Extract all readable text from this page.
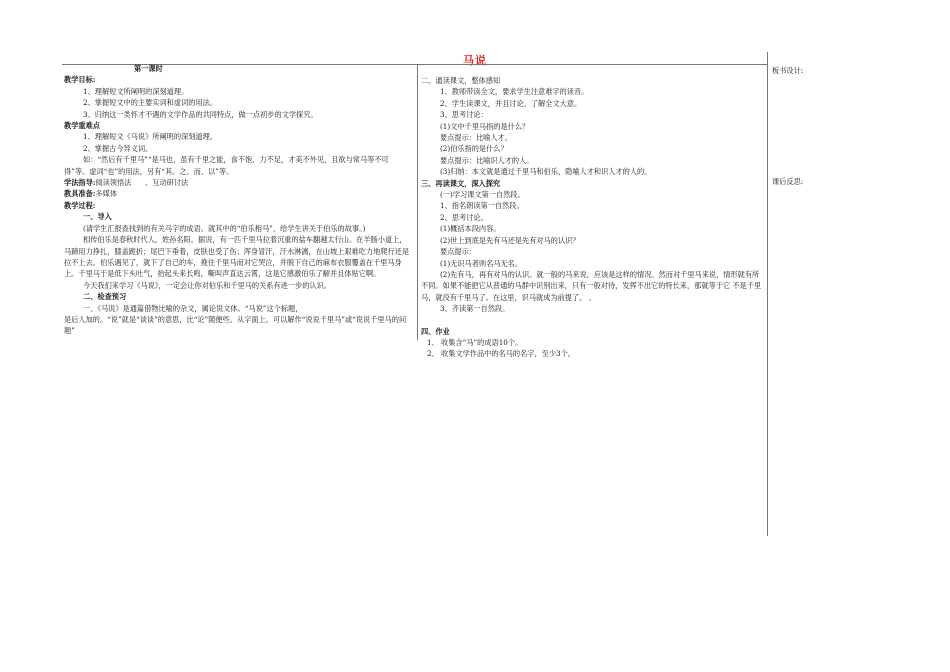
马说

第一课时

教学目标:

1、理解短文所阐明的深刻道理。

2、掌握短文中的主要实词和虚词的用法。

3、归纳这一类怀才不遇的文学作品的共同特点，做一点初步的文学探究。

教学重难点

1、理解短文《马说》所阐明的深刻道理。

2、掌握古今异义词。

如：“然后有千里马”“是马也，虽有千里之能，食不饱，力不足，才美不外见，且欲与常马等不可得”等。虚词“也”的用法，另有“其、之、而、以”等。

学法指导:阅读领悟法      、互动研讨法

教具准备:多媒体

教学过程:

一、导入

(请学生汇报查找到的有关马字的成语。就其中的“伯乐相马”，给学生讲关于伯乐的故事。)

相传伯乐是春秋时代人，姓孙名阳。据说，有一匹千里马拉着沉重的盐车翻越太行山。在羊肠小道上，马蹄用力挣扎，膝盖跪折；尾巴下垂着，皮肤也受了伤；浑身冒汗，汗水淋漓，在山坡上艰难吃力地爬行还是拉不上去。伯乐遇见了，就下了自己的车，挽住千里马而对它哭泣，并脱下自己的麻布衣服覆盖在千里马身上。千里马于是低下头吐气，抬起头来长鸣，嘶叫声直达云霄，这是它感激伯乐了解并且体贴它啊。

今天我们来学习《马说》，一定会让你对伯乐和千里马的关系有进一步的认识。

二、检查预习

一、《马说》是通篇借物比喻的杂文，属论说文体。“马说”这个标题，

是后人加的。“说”就是“谈谈”的意思，比“论”随便些。从字面上。可以解作“说说千里马”或“说说千里马的问题”

二、通读课文，整体感知

1、教师带读全文，要求学生注意难字的读音。

2、学生读课文，并且讨论、了解全文大意。

3、思考讨论：

(1)文中千里马指的是什么？

要点提示：比喻人才。

(2)伯乐指的是什么？

要点提示：比喻识人才的人。

(3)归纳：本文就是通过千里马和伯乐，隐喻人才和识人才的人的。

三、再读课文，深入探究

(一)学习课文第一自然段。

1、指名朗读第一自然段。

2、思考讨论。

(1)概括本段内容。

(2)世上到底是先有马还是先有对马的认识？

要点提示：

(1)无识马者则名马无名。

(2)先有马，再有对马的认识。就一般的马来说，应该是这样的情况。然而对千里马来说，情形就有所不同。如果不能把它从普通的马群中识别出来，只有一般对待，发挥不出它的特长来，那就等于它 不是千里马，就没有千里马了。在这里，识马就成为前提了。 、

3、齐读第一自然段。

四、作业

1、 收集含“马”的成语10个。

2、 收集文学作品中的名马的名字，至少3个。

板书设计:
课后反思:
